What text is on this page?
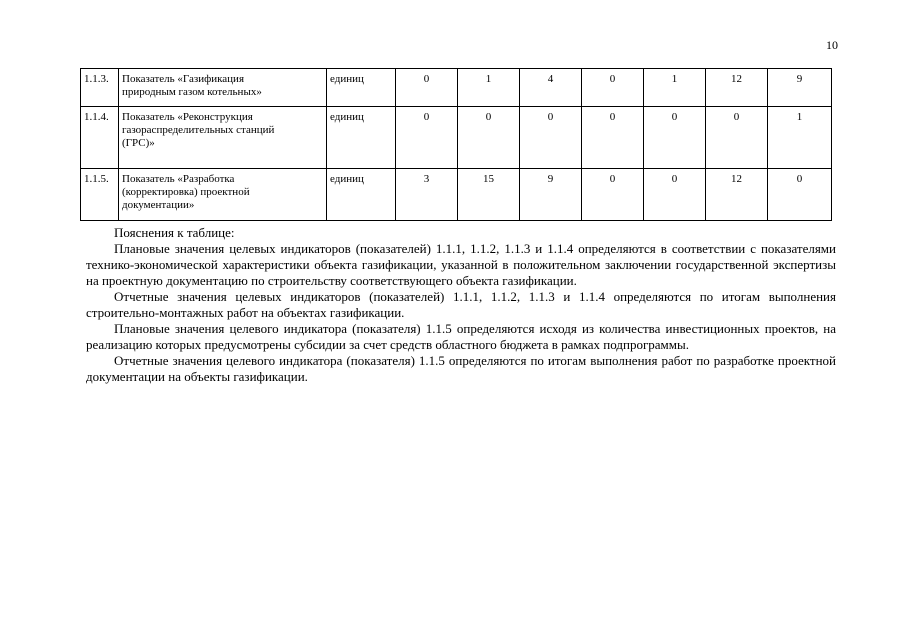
10
1.1.3.	Показатель «Газификация
природным газом котельных»	единиц	0	1	4	0	1	12	9
1.1.4.	Показатель «Реконструкция
газораспределительных станций
(ГРС)»	единиц	0	0	0	0	0	0	1
1.1.5.	Показатель «Разработка
(корректировка) проектной
документации»	единиц	3	15	9	0	0	12	0

Пояснения к таблице:

Плановые значения целевых индикаторов (показателей) 1.1.1, 1.1.2, 1.1.3 и 1.1.4 определяются в соответствии с показателями технико-экономической характеристики объекта газификации, указанной в положительном заключении государственной экспертизы на проектную документацию по строительству соответствующего объекта газификации.

Отчетные значения целевых индикаторов (показателей) 1.1.1, 1.1.2, 1.1.3 и 1.1.4 определяются по итогам выполнения строительно-монтажных работ на объектах газификации.

Плановые значения целевого индикатора (показателя) 1.1.5 определяются исходя из количества инвестиционных проектов, на реализацию которых предусмотрены субсидии за счет средств областного бюджета в рамках подпрограммы.

Отчетные значения целевого индикатора (показателя) 1.1.5 определяются по итогам выполнения работ по разработке проектной документации на объекты газификации.
